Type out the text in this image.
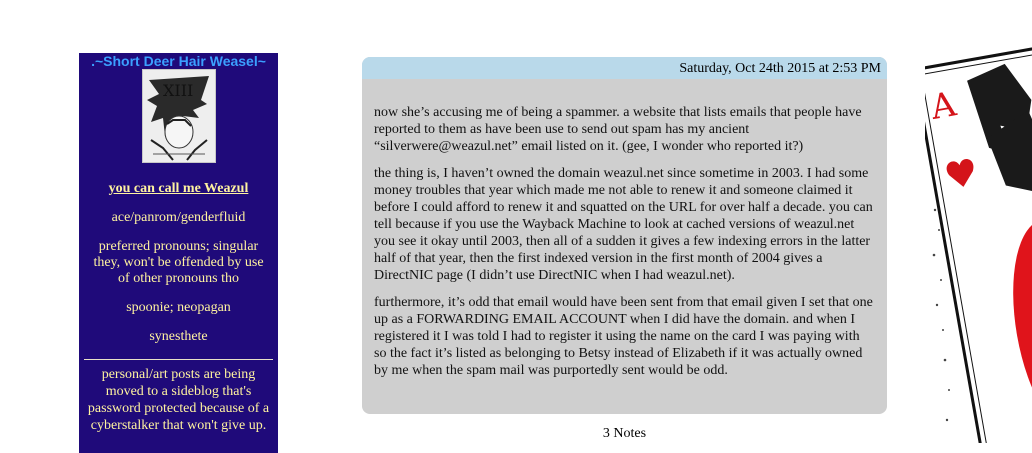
.~Short Deer Hair Weasel~
XIII
you can call me Weazul
ace/panrom/genderfluid
preferred pronouns; singular they, won't be offended by use of other pronouns tho
spoonie; neopagan
synesthete
personal/art posts are being moved to a sideblog that's password protected because of a cyberstalker that won't give up.
Saturday, Oct 24th 2015 at 2:53 PM

now she’s accusing me of being a spammer. a website that lists emails that people have reported to them as have been use to send out spam has my ancient “silverwere@weazul.net” email listed on it. (gee, I wonder who reported it?)

the thing is, I haven’t owned the domain weazul.net since sometime in 2003. I had some money troubles that year which made me not able to renew it and someone claimed it before I could afford to renew it and squatted on the URL for over half a decade. you can tell because if you use the Wayback Machine to look at cached versions of weazul.net you see it okay until 2003, then all of a sudden it gives a few indexing errors in the latter half of that year, then the first indexed version in the first month of 2004 gives a DirectNIC page (I didn’t use DirectNIC when I had weazul.net).

furthermore, it’s odd that email would have been sent from that email given I set that one up as a FORWARDING EMAIL ACCOUNT when I did have the domain. and when I registered it I was told I had to register it using the name on the card I was paying with so the fact it’s listed as belonging to Betsy instead of Elizabeth if it was actually owned by me when the spam mail was purportedly sent would be odd.

3 Notes
A
